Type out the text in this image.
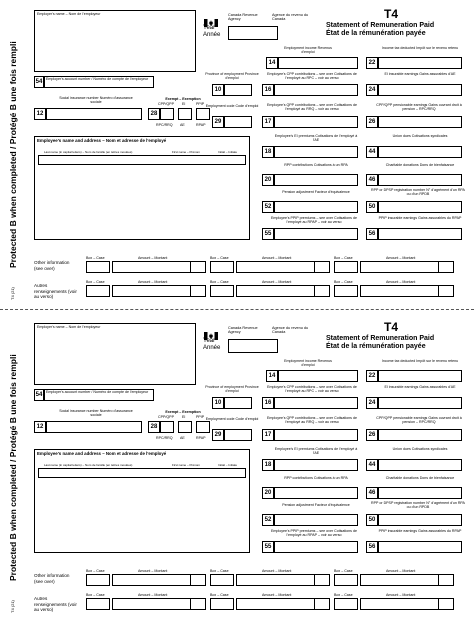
Protected B when completed / Protégé B une fois rempli
T4 (21)
Employer's name – Nom de l'employeur	Canada Revenue Agency
Agence du revenu du Canada
Year
Année
T4
Statement of Remuneration Paid
État de la rémunération payée
Employment income Revenus d'emploi
14
Income tax deducted Impôt sur le revenu retenu
22
54	Employer's account number / Numéro de compte de l'employeur
Social insurance number Numéro d'assurance sociale
12
Exempt – Exemption
CPP/QPP EI	PPIP
28
RPC/RRQ AE	RPAP
Province of employment Province d'emploi
10
Employment code Code d'emploi
29
Employee's CPP contributions – see over Cotisations de l'employé au RPC – voir au verso
16
EI insurable earnings Gains assurables d'AE
24
Employee's QPP contributions – see over Cotisations de l'employé au RRQ – voir au verso
17
CPP/QPP pensionable earnings Gains ouvrant droit à pension – RPC/RRQ
26
Employee's name and address – Nom et adresse de l'employé
Last name (in capital letters) – Nom de famille (en lettres moulées)	First name – Prénom	Initial – Initiale
Employee's EI premiums Cotisations de l'employé à l'AE
18
Union dues Cotisations syndicales
44
RPP contributions Cotisations à un RPA
20
Charitable donations Dons de bienfaisance
46
Pension adjustment Facteur d'équivalence
52
RPP or DPSP registration number N° d'agrément d'un RPA ou d'un RPDB
50
Employee's PPIP premiums – see over Cotisations de l'employé au RPAP – voir au verso
55
PPIP insurable earnings Gains assurables du RPAP
56
Other information (see over)
Autres renseignements (voir au verso)
Box – Case	Amount – Montant	Box – Case	Amount – Montant	Box – Case	Amount – Montant
Box – Case	Amount – Montant	Box – Case	Amount – Montant	Box – Case	Amount – Montant
Protected B when completed / Protégé B une fois rempli
T4 (21)
Employer's name – Nom de l'employeur	Canada Revenue Agency
Agence du revenu du Canada
Year
Année
T4
Statement of Remuneration Paid
État de la rémunération payée
Employment income Revenus d'emploi
14
Income tax deducted Impôt sur le revenu retenu
22
54	Employer's account number / Numéro de compte de l'employeur
Social insurance number Numéro d'assurance sociale
12
Exempt – Exemption
CPP/QPP EI	PPIP
28
RPC/RRQ AE	RPAP
Province of employment Province d'emploi
10
Employment code Code d'emploi
29
Employee's CPP contributions – see over Cotisations de l'employé au RPC – voir au verso
16
EI insurable earnings Gains assurables d'AE
24
Employee's QPP contributions – see over Cotisations de l'employé au RRQ – voir au verso
17
CPP/QPP pensionable earnings Gains ouvrant droit à pension – RPC/RRQ
26
Employee's name and address – Nom et adresse de l'employé
Last name (in capital letters) – Nom de famille (en lettres moulées)	First name – Prénom	Initial – Initiale
Employee's EI premiums Cotisations de l'employé à l'AE
18
Union dues Cotisations syndicales
44
RPP contributions Cotisations à un RPA
20
Charitable donations Dons de bienfaisance
46
Pension adjustment Facteur d'équivalence
52
RPP or DPSP registration number N° d'agrément d'un RPA ou d'un RPDB
50
Employee's PPIP premiums – see over Cotisations de l'employé au RPAP – voir au verso
55
PPIP insurable earnings Gains assurables du RPAP
56
Other information (see over)
Autres renseignements (voir au verso)
Box – Case	Amount – Montant	Box – Case	Amount – Montant	Box – Case	Amount – Montant
Box – Case	Amount – Montant	Box – Case	Amount – Montant	Box – Case	Amount – Montant
